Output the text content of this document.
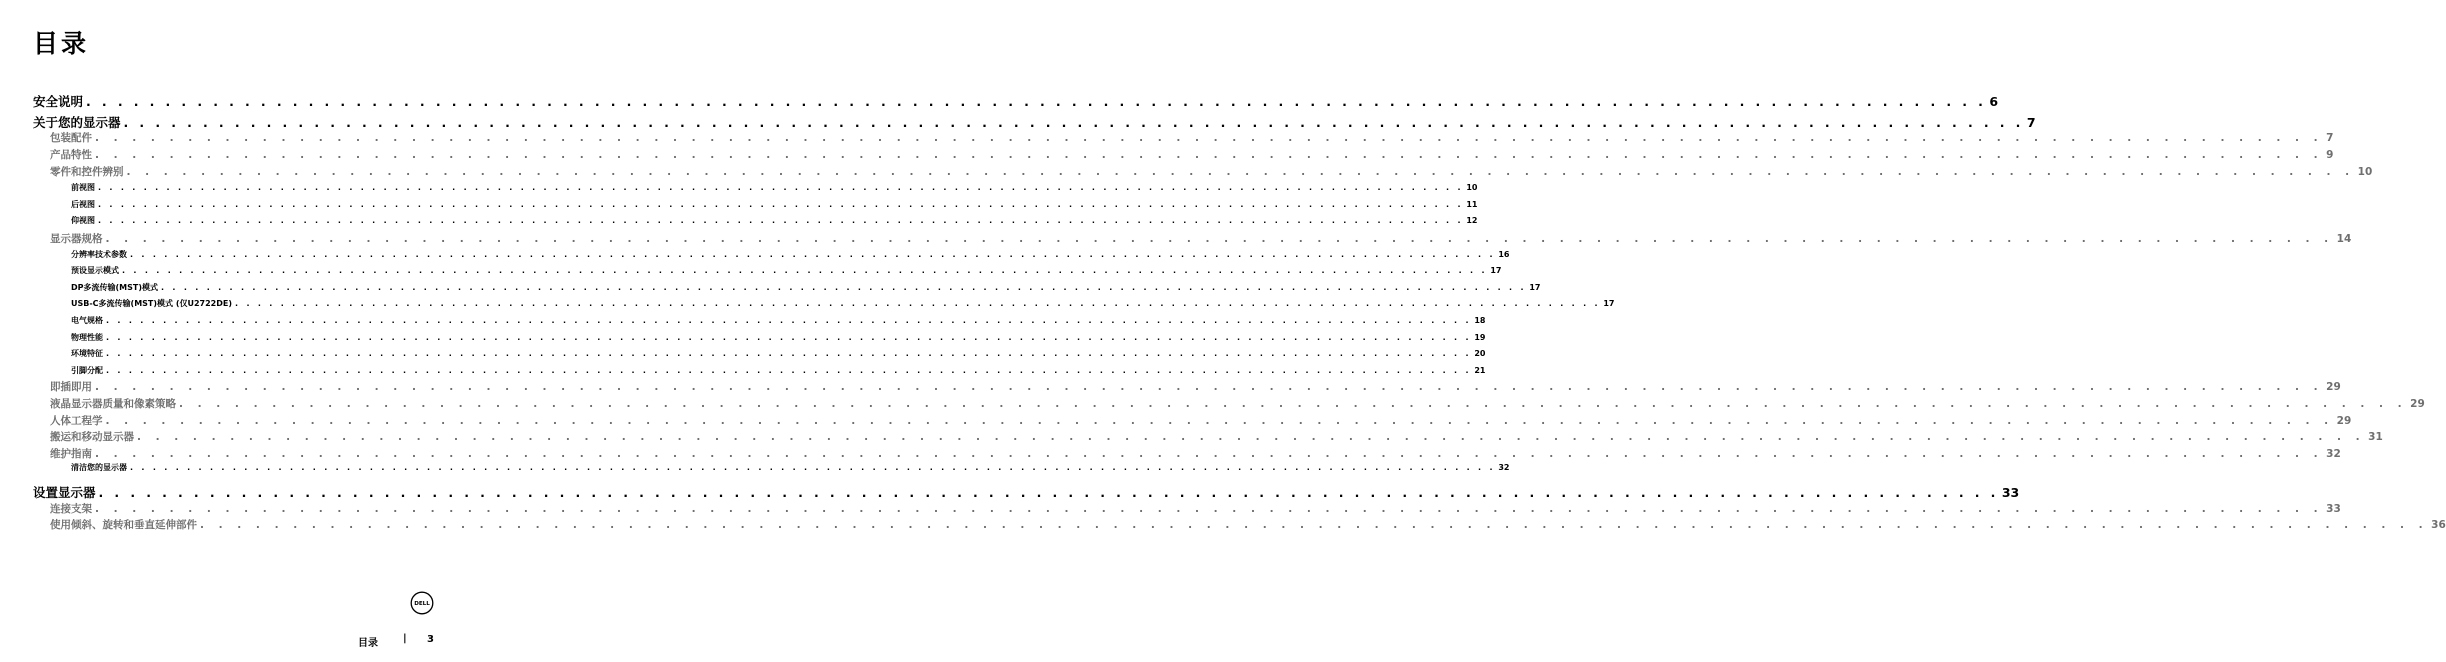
目录
安全说明 . . . . . . . . . . . . . . . . . . . . . . . . . . . . . . . . . . . . . . . . . . . . . . . . . . . . . . . . . . . . . . . . . . . . . . . . . . . . . . . . . . . . . . . . . . . . . . . . . . . . . . . . . . . . . . . . . . . . . . . . 6
关于您的显示器 . . . . . . . . . . . . . . . . . . . . . . . . . . . . . . . . . . . . . . . . . . . . . . . . . . . . . . . . . . . . . . . . . . . . . . . . . . . . . . . . . . . . . . . . . . . . . . . . . . . . . . . . . . . . . . . . . . . . . . . . 7
包装配件 . . . . . . . . . . . . . . . . . . . . . . . . . . . . . . . . . . . . . . . . . . . . . . . . . . . . . . . . . . . . . . . . . . . . . . . . . . . . . . . . . . . . . . . . . . . . . . . . . . . . . . . . . . . . . . . . . . . . . . . . 7
产品特性 . . . . . . . . . . . . . . . . . . . . . . . . . . . . . . . . . . . . . . . . . . . . . . . . . . . . . . . . . . . . . . . . . . . . . . . . . . . . . . . . . . . . . . . . . . . . . . . . . . . . . . . . . . . . . . . . . . . . . . . . 9
零件和控件辨别 . . . . . . . . . . . . . . . . . . . . . . . . . . . . . . . . . . . . . . . . . . . . . . . . . . . . . . . . . . . . . . . . . . . . . . . . . . . . . . . . . . . . . . . . . . . . . . . . . . . . . . . . . . . . . . . . . . . . . . . . 10
前视图 . . . . . . . . . . . . . . . . . . . . . . . . . . . . . . . . . . . . . . . . . . . . . . . . . . . . . . . . . . . . . . . . . . . . . . . . . . . . . . . . . . . . . . . . . . . . . . . . . . . . . . . . . . . . . . . . . . . . . . . . 10
后视图 . . . . . . . . . . . . . . . . . . . . . . . . . . . . . . . . . . . . . . . . . . . . . . . . . . . . . . . . . . . . . . . . . . . . . . . . . . . . . . . . . . . . . . . . . . . . . . . . . . . . . . . . . . . . . . . . . . . . . . . . 11
仰视图 . . . . . . . . . . . . . . . . . . . . . . . . . . . . . . . . . . . . . . . . . . . . . . . . . . . . . . . . . . . . . . . . . . . . . . . . . . . . . . . . . . . . . . . . . . . . . . . . . . . . . . . . . . . . . . . . . . . . . . . . 12
显示器规格 . . . . . . . . . . . . . . . . . . . . . . . . . . . . . . . . . . . . . . . . . . . . . . . . . . . . . . . . . . . . . . . . . . . . . . . . . . . . . . . . . . . . . . . . . . . . . . . . . . . . . . . . . . . . . . . . . . . . . . . . 14
分辨率技术参数 . . . . . . . . . . . . . . . . . . . . . . . . . . . . . . . . . . . . . . . . . . . . . . . . . . . . . . . . . . . . . . . . . . . . . . . . . . . . . . . . . . . . . . . . . . . . . . . . . . . . . . . . . . . . . . . . . . . . . . . . 16
预设显示模式 . . . . . . . . . . . . . . . . . . . . . . . . . . . . . . . . . . . . . . . . . . . . . . . . . . . . . . . . . . . . . . . . . . . . . . . . . . . . . . . . . . . . . . . . . . . . . . . . . . . . . . . . . . . . . . . . . . . . . . . . 17
DP多流传输(MST)模式 . . . . . . . . . . . . . . . . . . . . . . . . . . . . . . . . . . . . . . . . . . . . . . . . . . . . . . . . . . . . . . . . . . . . . . . . . . . . . . . . . . . . . . . . . . . . . . . . . . . . . . . . . . . . . . . . . . . . . . . . 17
USB-C多流传输(MST)模式 (仅U2722DE) . . . . . . . . . . . . . . . . . . . . . . . . . . . . . . . . . . . . . . . . . . . . . . . . . . . . . . . . . . . . . . . . . . . . . . . . . . . . . . . . . . . . . . . . . . . . . . . . . . . . . . . . . . . . . . . . . . . . . . . . 17
电气规格 . . . . . . . . . . . . . . . . . . . . . . . . . . . . . . . . . . . . . . . . . . . . . . . . . . . . . . . . . . . . . . . . . . . . . . . . . . . . . . . . . . . . . . . . . . . . . . . . . . . . . . . . . . . . . . . . . . . . . . . . 18
物理性能 . . . . . . . . . . . . . . . . . . . . . . . . . . . . . . . . . . . . . . . . . . . . . . . . . . . . . . . . . . . . . . . . . . . . . . . . . . . . . . . . . . . . . . . . . . . . . . . . . . . . . . . . . . . . . . . . . . . . . . . . 19
环境特征 . . . . . . . . . . . . . . . . . . . . . . . . . . . . . . . . . . . . . . . . . . . . . . . . . . . . . . . . . . . . . . . . . . . . . . . . . . . . . . . . . . . . . . . . . . . . . . . . . . . . . . . . . . . . . . . . . . . . . . . . 20
引脚分配 . . . . . . . . . . . . . . . . . . . . . . . . . . . . . . . . . . . . . . . . . . . . . . . . . . . . . . . . . . . . . . . . . . . . . . . . . . . . . . . . . . . . . . . . . . . . . . . . . . . . . . . . . . . . . . . . . . . . . . . . 21
即插即用 . . . . . . . . . . . . . . . . . . . . . . . . . . . . . . . . . . . . . . . . . . . . . . . . . . . . . . . . . . . . . . . . . . . . . . . . . . . . . . . . . . . . . . . . . . . . . . . . . . . . . . . . . . . . . . . . . . . . . . . . 29
液晶显示器质量和像素策略 . . . . . . . . . . . . . . . . . . . . . . . . . . . . . . . . . . . . . . . . . . . . . . . . . . . . . . . . . . . . . . . . . . . . . . . . . . . . . . . . . . . . . . . . . . . . . . . . . . . . . . . . . . . . . . . . . . . . . . . . 29
人体工程学 . . . . . . . . . . . . . . . . . . . . . . . . . . . . . . . . . . . . . . . . . . . . . . . . . . . . . . . . . . . . . . . . . . . . . . . . . . . . . . . . . . . . . . . . . . . . . . . . . . . . . . . . . . . . . . . . . . . . . . . . 29
搬运和移动显示器 . . . . . . . . . . . . . . . . . . . . . . . . . . . . . . . . . . . . . . . . . . . . . . . . . . . . . . . . . . . . . . . . . . . . . . . . . . . . . . . . . . . . . . . . . . . . . . . . . . . . . . . . . . . . . . . . . . . . . . . . 31
维护指南 . . . . . . . . . . . . . . . . . . . . . . . . . . . . . . . . . . . . . . . . . . . . . . . . . . . . . . . . . . . . . . . . . . . . . . . . . . . . . . . . . . . . . . . . . . . . . . . . . . . . . . . . . . . . . . . . . . . . . . . . 32
清洁您的显示器 . . . . . . . . . . . . . . . . . . . . . . . . . . . . . . . . . . . . . . . . . . . . . . . . . . . . . . . . . . . . . . . . . . . . . . . . . . . . . . . . . . . . . . . . . . . . . . . . . . . . . . . . . . . . . . . . . . . . . . . . 32
设置显示器 . . . . . . . . . . . . . . . . . . . . . . . . . . . . . . . . . . . . . . . . . . . . . . . . . . . . . . . . . . . . . . . . . . . . . . . . . . . . . . . . . . . . . . . . . . . . . . . . . . . . . . . . . . . . . . . . . . . . . . . . 33
连接支架 . . . . . . . . . . . . . . . . . . . . . . . . . . . . . . . . . . . . . . . . . . . . . . . . . . . . . . . . . . . . . . . . . . . . . . . . . . . . . . . . . . . . . . . . . . . . . . . . . . . . . . . . . . . . . . . . . . . . . . . . 33
使用倾斜、旋转和垂直延伸部件 . . . . . . . . . . . . . . . . . . . . . . . . . . . . . . . . . . . . . . . . . . . . . . . . . . . . . . . . . . . . . . . . . . . . . . . . . . . . . . . . . . . . . . . . . . . . . . . . . . . . . . . . . . . . . . . . . . . . . . . . 36
DELL
目录	| 3
